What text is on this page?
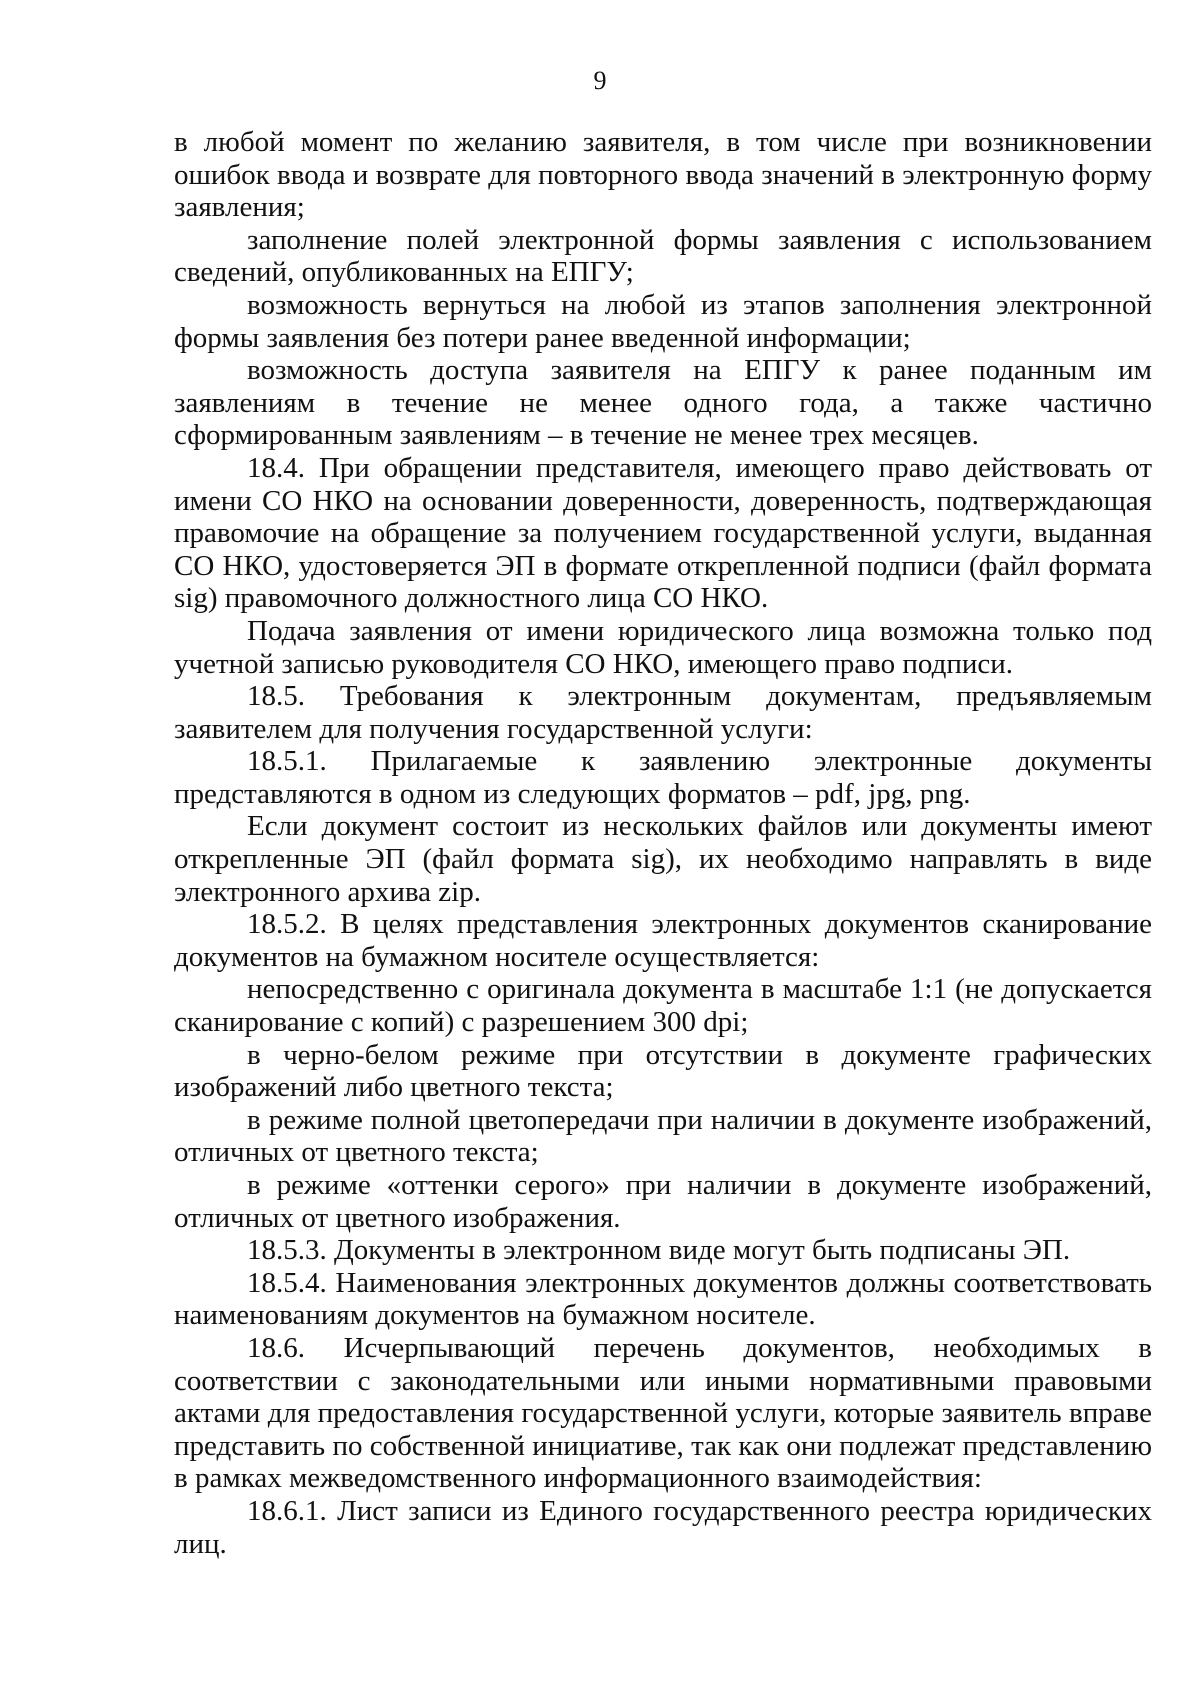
9

в любой момент по желанию заявителя, в том числе при возникновении ошибок ввода и возврате для повторного ввода значений в электронную форму заявления;

заполнение полей электронной формы заявления с использованием сведений, опубликованных на ЕПГУ;

возможность вернуться на любой из этапов заполнения электронной формы заявления без потери ранее введенной информации;

возможность доступа заявителя на ЕПГУ к ранее поданным им заявлениям в течение не менее одного года, а также частично сформированным заявлениям – в течение не менее трех месяцев.

18.4. При обращении представителя, имеющего право действовать от имени СО НКО на основании доверенности, доверенность, подтверждающая правомочие на обращение за получением государственной услуги, выданная СО НКО, удостоверяется ЭП в формате открепленной подписи (файл формата sig) правомочного должностного лица СО НКО.

Подача заявления от имени юридического лица возможна только под учетной записью руководителя СО НКО, имеющего право подписи.

18.5. Требования к электронным документам, предъявляемым заявителем для получения государственной услуги:

18.5.1. Прилагаемые к заявлению электронные документы представляются в одном из следующих форматов – pdf, jpg, png.

Если документ состоит из нескольких файлов или документы имеют открепленные ЭП (файл формата sig), их необходимо направлять в виде электронного архива zip.

18.5.2. В целях представления электронных документов сканирование документов на бумажном носителе осуществляется:

непосредственно с оригинала документа в масштабе 1:1 (не допускается сканирование с копий) с разрешением 300 dpi;

в черно-белом режиме при отсутствии в документе графических изображений либо цветного текста;

в режиме полной цветопередачи при наличии в документе изображений, отличных от цветного текста;

в режиме «оттенки серого» при наличии в документе изображений, отличных от цветного изображения.

18.5.3. Документы в электронном виде могут быть подписаны ЭП.

18.5.4. Наименования электронных документов должны соответствовать наименованиям документов на бумажном носителе.

18.6. Исчерпывающий перечень документов, необходимых в соответствии с законодательными или иными нормативными правовыми актами для предоставления государственной услуги, которые заявитель вправе представить по собственной инициативе, так как они подлежат представлению в рамках межведомственного информационного взаимодействия:

18.6.1. Лист записи из Единого государственного реестра юридических лиц.
